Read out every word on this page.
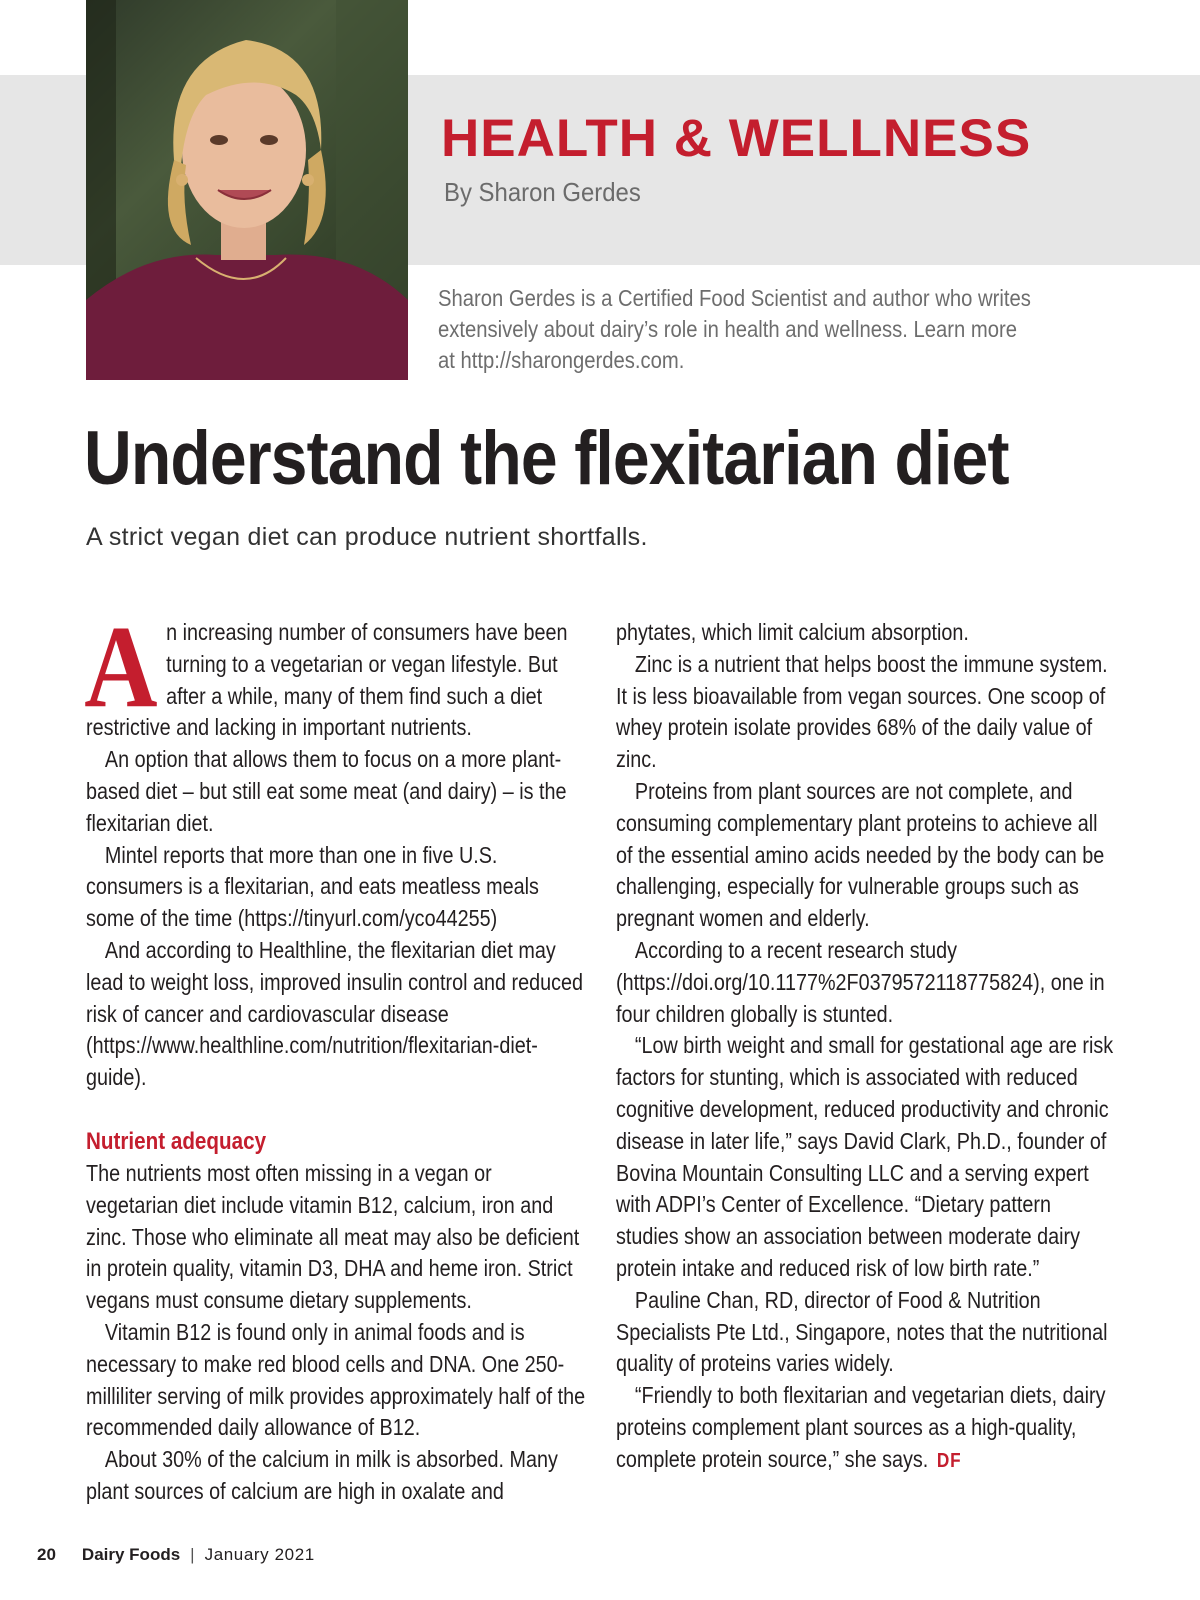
HEALTH & WELLNESS
By Sharon Gerdes
Sharon Gerdes is a Certified Food Scientist and author who writes extensively about dairy’s role in health and wellness. Learn more at http://sharongerdes.com.
Understand the flexitarian diet
A strict vegan diet can produce nutrient shortfalls.
A n increasing number of consumers have been turning to a vegetarian or vegan lifestyle. But after a while, many of them find such a diet restrictive and lacking in important nutrients.

An option that allows them to focus on a more plant-based diet – but still eat some meat (and dairy) – is the flexitarian diet.

Mintel reports that more than one in five U.S. consumers is a flexitarian, and eats meatless meals some of the time (https://tinyurl.com/yco44255)

And according to Healthline, the flexitarian diet may lead to weight loss, improved insulin control and reduced risk of cancer and cardiovascular disease (https://www.healthline.com/nutrition/flexitarian-diet-guide).

Nutrient adequacy

The nutrients most often missing in a vegan or vegetarian diet include vitamin B12, calcium, iron and zinc. Those who eliminate all meat may also be deficient in protein quality, vitamin D3, DHA and heme iron. Strict vegans must consume dietary supplements.

Vitamin B12 is found only in animal foods and is necessary to make red blood cells and DNA. One 250-milliliter serving of milk provides approximately half of the recommended daily allowance of B12.

About 30% of the calcium in milk is absorbed. Many plant sources of calcium are high in oxalate and

phytates, which limit calcium absorption.

Zinc is a nutrient that helps boost the immune system. It is less bioavailable from vegan sources. One scoop of whey protein isolate provides 68% of the daily value of zinc.

Proteins from plant sources are not complete, and consuming complementary plant proteins to achieve all of the essential amino acids needed by the body can be challenging, especially for vulnerable groups such as pregnant women and elderly.

According to a recent research study (https://doi.org/10.1177%2F0379572118775824), one in four children globally is stunted.

“Low birth weight and small for gestational age are risk factors for stunting, which is associated with reduced cognitive development, reduced productivity and chronic disease in later life,” says David Clark, Ph.D., founder of Bovina Mountain Consulting LLC and a serving expert with ADPI’s Center of Excellence. “Dietary pattern studies show an association between moderate dairy protein intake and reduced risk of low birth rate.”

Pauline Chan, RD, director of Food & Nutrition Specialists Pte Ltd., Singapore, notes that the nutritional quality of proteins varies widely.

“Friendly to both flexitarian and vegetarian diets, dairy proteins complement plant sources as a high-quality, complete protein source,” she says. DF

20 Dairy Foods | January 2021
